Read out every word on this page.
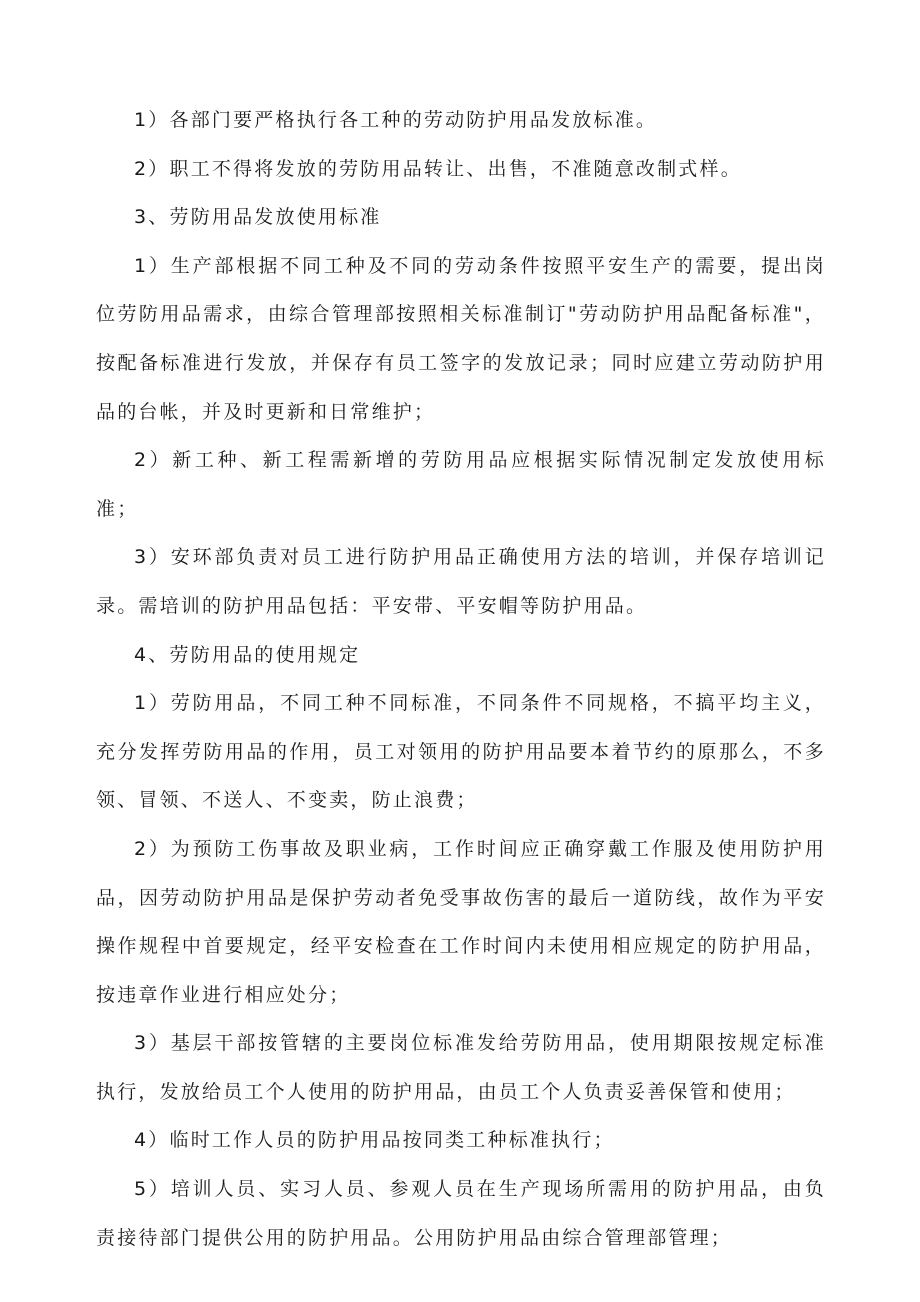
1）各部门要严格执行各工种的劳动防护用品发放标准。

2）职工不得将发放的劳防用品转让、出售，不准随意改制式样。

3、劳防用品发放使用标准

1）生产部根据不同工种及不同的劳动条件按照平安生产的需要，提出岗位劳防用品需求，由综合管理部按照相关标准制订"劳动防护用品配备标准"，按配备标准进行发放，并保存有员工签字的发放记录；同时应建立劳动防护用品的台帐，并及时更新和日常维护；

2）新工种、新工程需新增的劳防用品应根据实际情况制定发放使用标准；

3）安环部负责对员工进行防护用品正确使用方法的培训，并保存培训记录。需培训的防护用品包括：平安带、平安帽等防护用品。

4、劳防用品的使用规定

1）劳防用品，不同工种不同标准，不同条件不同规格，不搞平均主义，充分发挥劳防用品的作用，员工对领用的防护用品要本着节约的原那么，不多领、冒领、不送人、不变卖，防止浪费；

2）为预防工伤事故及职业病，工作时间应正确穿戴工作服及使用防护用品，因劳动防护用品是保护劳动者免受事故伤害的最后一道防线，故作为平安操作规程中首要规定，经平安检查在工作时间内未使用相应规定的防护用品，按违章作业进行相应处分；

3）基层干部按管辖的主要岗位标准发给劳防用品，使用期限按规定标准执行，发放给员工个人使用的防护用品，由员工个人负责妥善保管和使用；

4）临时工作人员的防护用品按同类工种标准执行；

5）培训人员、实习人员、参观人员在生产现场所需用的防护用品，由负责接待部门提供公用的防护用品。公用防护用品由综合管理部管理；
